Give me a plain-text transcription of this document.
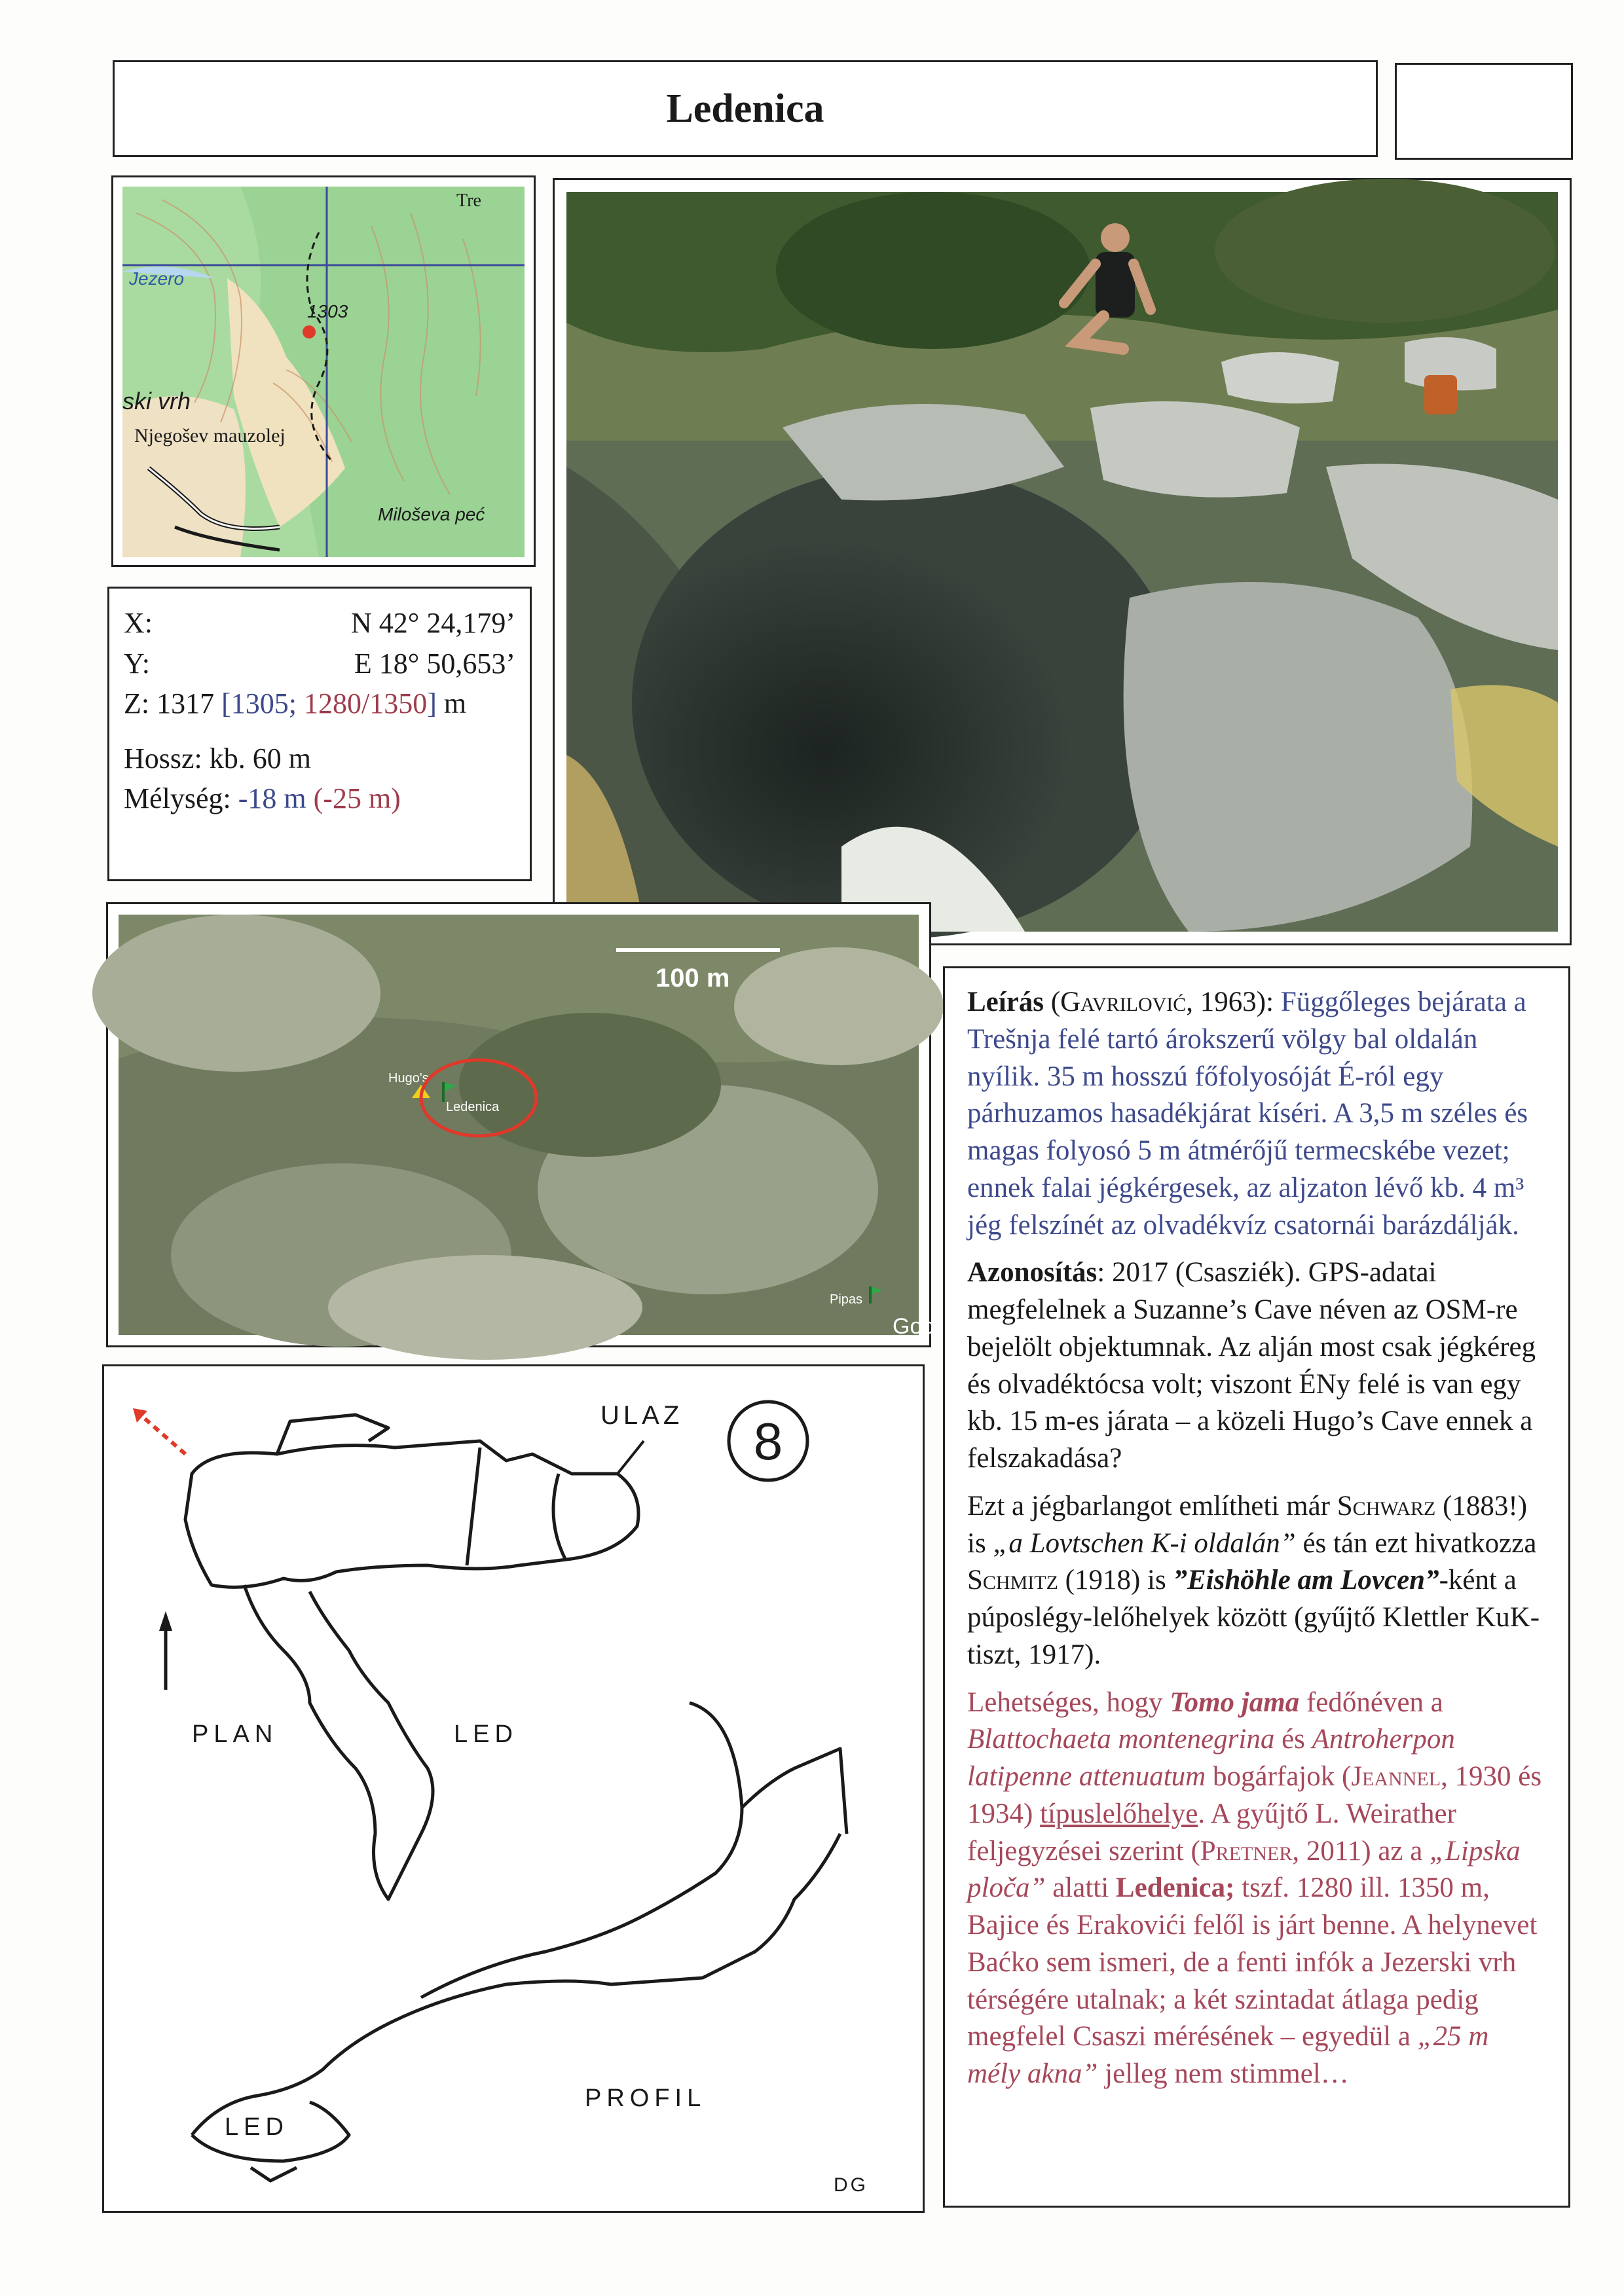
Ledenica
Tre
Jezero
1303
ski vrh
Njegošev mauzolej
Miloševa peć
X:	N 42° 24,179’
Y:	E 18° 50,653’
Z: 1317 [1305; 1280/1350] m
Hossz: kb. 60 m
Mélység: -18 m (-25 m)
100 m
Hugo's
Ledenica
Pipas
Goo
8
ULAZ
PLAN	LED
LED
PROFIL
DG

Leírás (Gavrilović, 1963): Függőleges bejárata a Trešnja felé tartó árokszerű völgy bal oldalán nyílik. 35 m hosszú főfolyosóját É-ról egy párhuzamos hasadékjárat kíséri. A 3,5 m széles és magas folyosó 5 m átmérőjű termecskébe vezet; ennek falai jégkérgesek, az aljzaton lévő kb. 4 m³ jég felszínét az olvadékvíz csatornái barázdálják.

Azonosítás: 2017 (Csasziék). GPS-adatai megfelelnek a Suzanne’s Cave néven az OSM-re bejelölt objektumnak. Az alján most csak jégkéreg és olvadéktócsa volt; viszont ÉNy felé is van egy kb. 15 m-es járata – a közeli Hugo’s Cave ennek a felszakadása?

Ezt a jégbarlangot említheti már Schwarz (1883!) is „a Lovtschen K-i oldalán” és tán ezt hivatkozza Schmitz (1918) is ”Eishöhle am Lovcen”-ként a púposlégy-lelőhelyek között (gyűjtő Klettler KuK-tiszt, 1917).

Lehetséges, hogy Tomo jama fedőnéven a Blattochaeta montenegrina és Antroherpon latipenne attenuatum bogárfajok (Jeannel, 1930 és 1934) típuslelőhelye. A gyűjtő L. Weirather feljegyzései szerint (Pretner, 2011) az a „Lipska ploča” alatti Ledenica; tszf. 1280 ill. 1350 m, Bajice és Erakovići felől is járt benne. A helynevet Baćko sem ismeri, de a fenti infók a Jezerski vrh térségére utalnak; a két szintadat átlaga pedig megfelel Csaszi mérésének – egyedül a „25 m mély akna” jelleg nem stimmel…
